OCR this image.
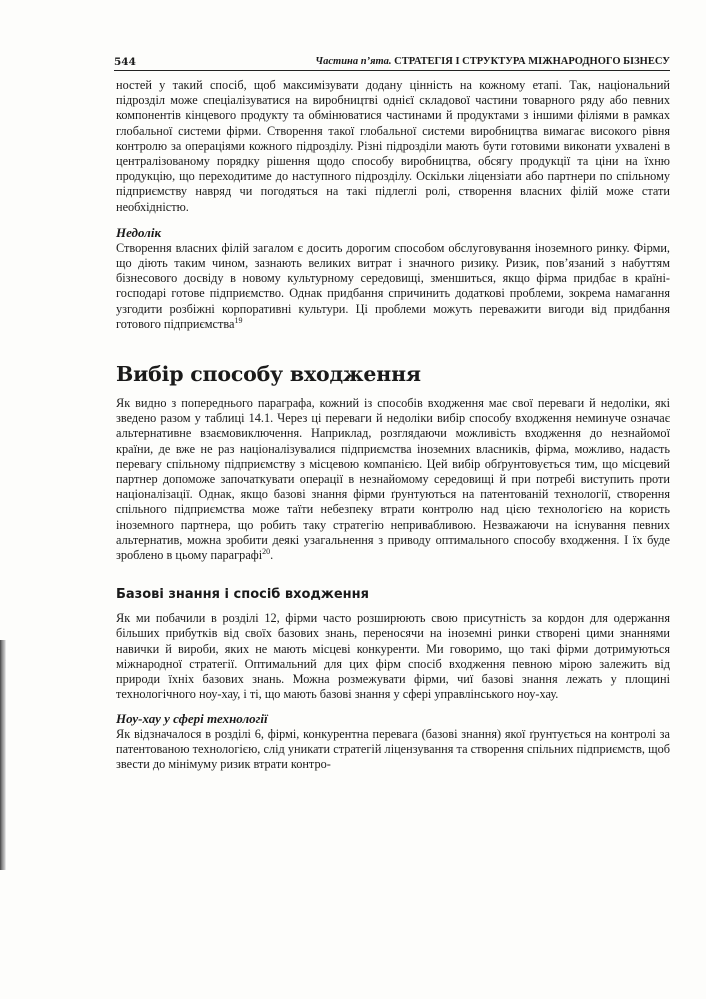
544	Частина п’ята. СТРАТЕГІЯ І СТРУКТУРА МІЖНАРОДНОГО БІЗНЕСУ

ностей у такий спосіб, щоб максимізувати додану цінність на кожному етапі. Так, національний підрозділ може спеціалізуватися на виробництві однієї складової частини товарного ряду або певних компонентів кінцевого продукту та обмінюватися частинами й продуктами з іншими філіями в рамках глобальної системи фірми. Створення такої глобальної системи виробництва вимагає високого рівня контролю за операціями кожного підрозділу. Різні підрозділи мають бути готовими виконати ухвалені в централізованому порядку рішення щодо способу виробництва, обсягу продукції та ціни на їхню продукцію, що переходитиме до наступного підрозділу. Оскільки ліцензіати або партнери по спільному підприємству навряд чи погодяться на такі підлеглі ролі, створення власних філій може стати необхідністю.

Недолік

Створення власних філій загалом є досить дорогим способом обслуговування іноземного ринку. Фірми, що діють таким чином, зазнають великих витрат і значного ризику. Ризик, пов’язаний з набуттям бізнесового досвіду в новому культурному середовищі, зменшиться, якщо фірма придбає в країні-господарі готове підприємство. Однак придбання спричинить додаткові проблеми, зокрема намагання узгодити розбіжні корпоративні культури. Ці проблеми можуть переважити вигоди від придбання готового підприємства$^{19}$

Вибір способу входження

Як видно з попереднього параграфа, кожний із способів входження має свої переваги й недоліки, які зведено разом у таблиці 14.1. Через ці переваги й недоліки вибір способу входження неминуче означає альтернативне взаємовиключення. Наприклад, розглядаючи можливість входження до незнайомої країни, де вже не раз націоналізувалися підприємства іноземних власників, фірма, можливо, надасть перевагу спільному підприємству з місцевою компанією. Цей вибір обґрунтовується тим, що місцевий партнер допоможе започаткувати операції в незнайомому середовищі й при потребі виступить проти націоналізації. Однак, якщо базові знання фірми ґрунтуються на патентованій технології, створення спільного підприємства може таїти небезпеку втрати контролю над цією технологією на користь іноземного партнера, що робить таку стратегію непривабливою. Незважаючи на існування певних альтернатив, можна зробити деякі узагальнення з приводу оптимального способу входження. І їх буде зроблено в цьому параграфі$^{20}$.

Базові знання і спосіб входження

Як ми побачили в розділі 12, фірми часто розширюють свою присутність за кордон для одержання більших прибутків від своїх базових знань, переносячи на іноземні ринки створені цими знаннями навички й вироби, яких не мають місцеві конкуренти. Ми говоримо, що такі фірми дотримуються міжнародної стратегії. Оптимальний для цих фірм спосіб входження певною мірою залежить від природи їхніх базових знань. Можна розмежувати фірми, чиї базові знання лежать у площині технологічного ноу-хау, і ті, що мають базові знання у сфері управлінського ноу-хау.

Ноу-хау у сфері технології

Як відзначалося в розділі 6, фірмі, конкурентна перевага (базові знання) якої ґрунтується на контролі за патентованою технологією, слід уникати стратегій ліцензування та створення спільних підприємств, щоб звести до мінімуму ризик втрати контро-
